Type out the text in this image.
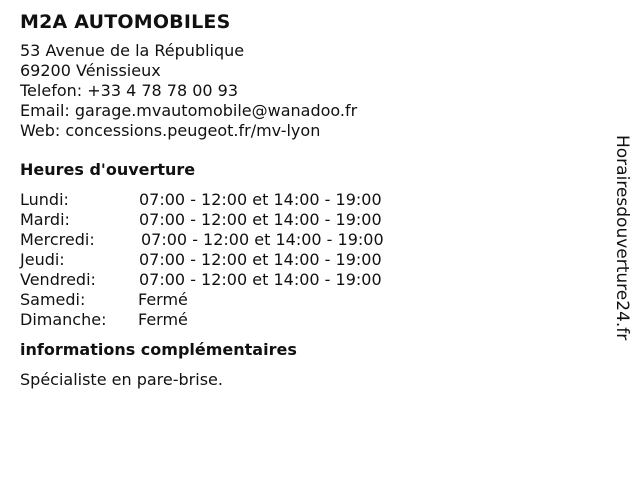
M2A AUTOMOBILES
53 Avenue de la République
69200 Vénissieux
Telefon: +33 4 78 78 00 93
Email: garage.mvautomobile@wanadoo.fr
Web: concessions.peugeot.fr/mv-lyon
Heures d'ouverture
Lundi:	07:00 - 12:00 et 14:00 - 19:00
Mardi:	07:00 - 12:00 et 14:00 - 19:00
Mercredi:	07:00 - 12:00 et 14:00 - 19:00
Jeudi:	07:00 - 12:00 et 14:00 - 19:00
Vendredi:	07:00 - 12:00 et 14:00 - 19:00
Samedi:	Fermé
Dimanche: Fermé
informations complémentaires
Spécialiste en pare-brise.
Horairesdouverture24.fr
